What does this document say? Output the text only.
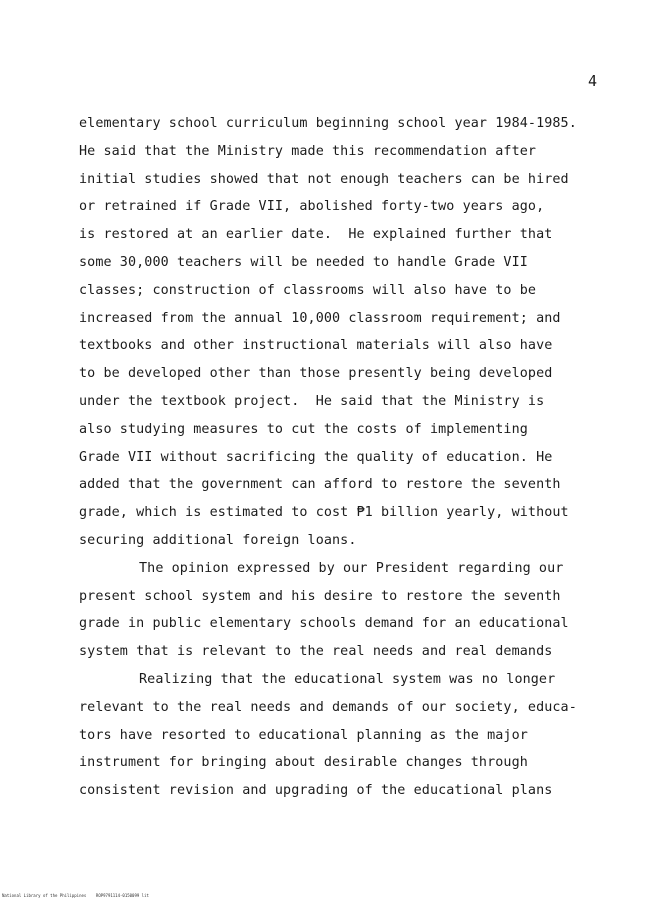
4
elementary school curriculum beginning school year 1984-1985.
He said that the Ministry made this recommendation after
initial studies showed that not enough teachers can be hired
or retrained if Grade VII, abolished forty-two years ago,
is restored at an earlier date.  He explained further that
some 30,000 teachers will be needed to handle Grade VII
classes; construction of classrooms will also have to be
increased from the annual 10,000 classroom requirement; and
textbooks and other instructional materials will also have
to be developed other than those presently being developed
under the textbook project.  He said that the Ministry is
also studying measures to cut the costs of implementing
Grade VII without sacrificing the quality of education. He
added that the government can afford to restore the seventh
grade, which is estimated to cost ₱1 billion yearly, without
securing additional foreign loans.
The opinion expressed by our President regarding our
present school system and his desire to restore the seventh
grade in public elementary schools demand for an educational
system that is relevant to the real needs and real demands
Realizing that the educational system was no longer
relevant to the real needs and demands of our society, educa-
tors have resorted to educational planning as the major
instrument for bringing about desirable changes through
consistent revision and upgrading of the educational plans
National Library of the Philippines    ROP9791114-0150099 lit
